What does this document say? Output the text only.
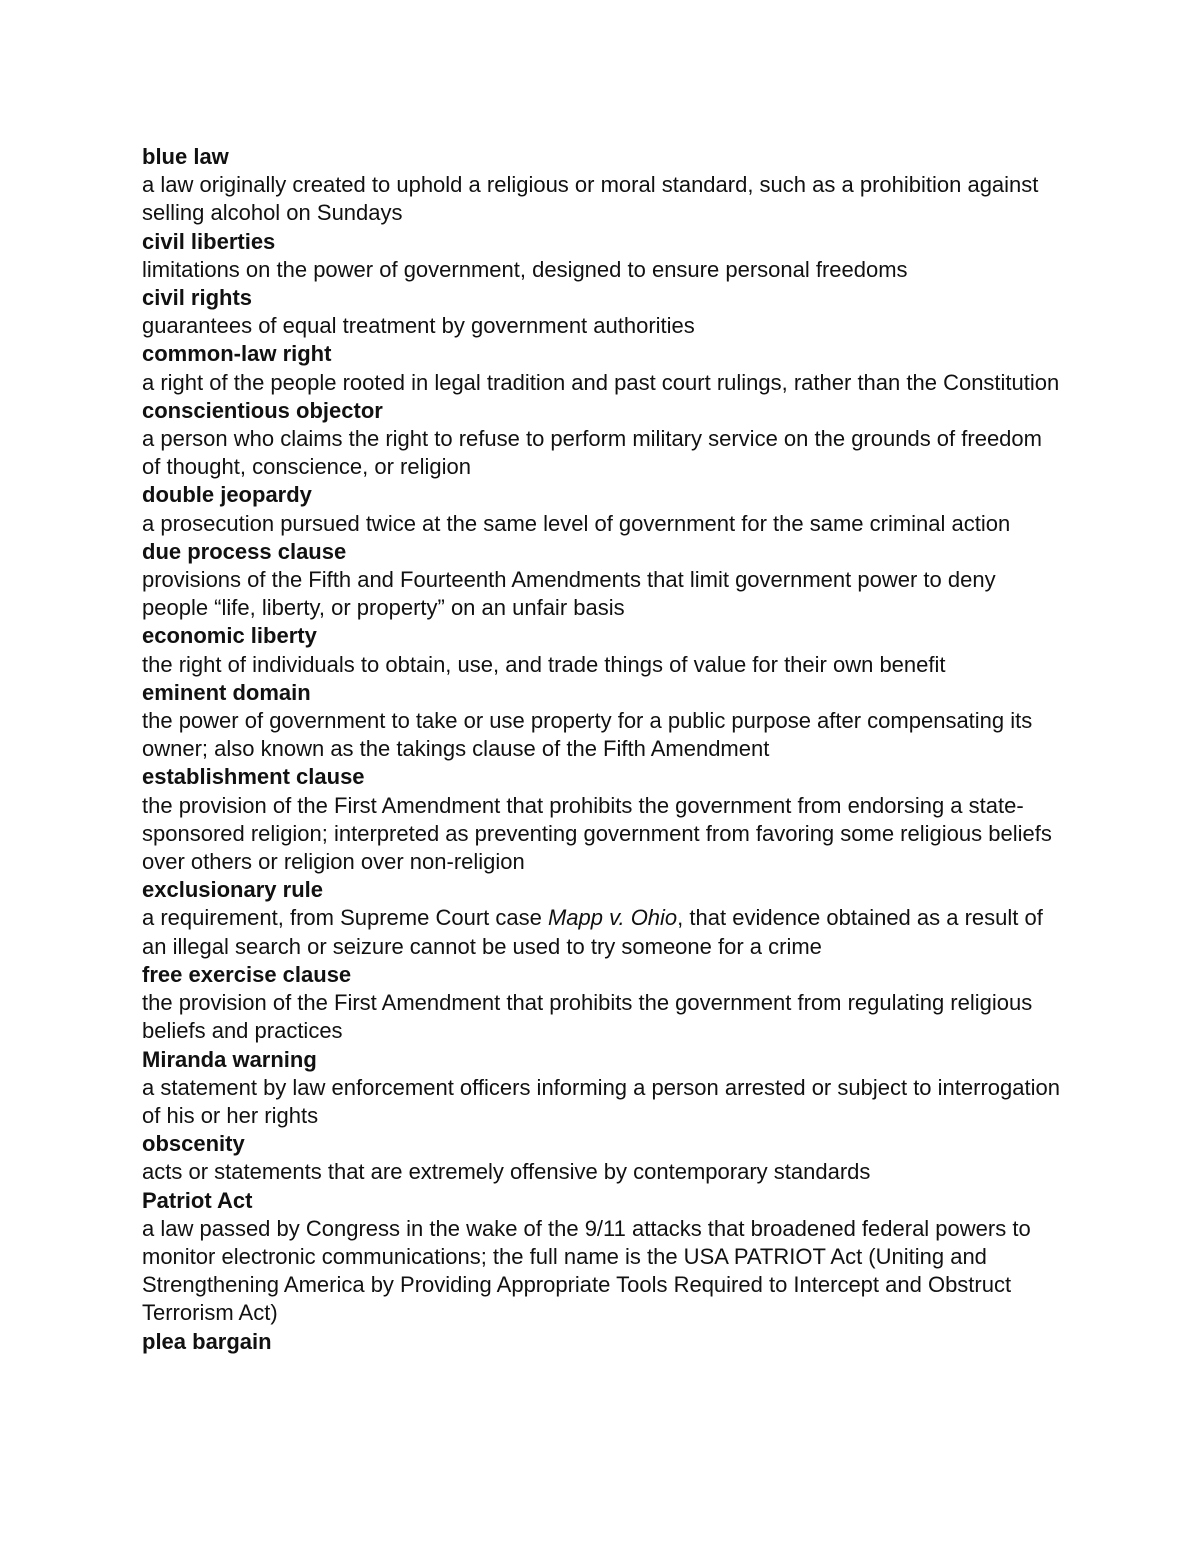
blue law
a law originally created to uphold a religious or moral standard, such as a prohibition against selling alcohol on Sundays
civil liberties
limitations on the power of government, designed to ensure personal freedoms
civil rights
guarantees of equal treatment by government authorities
common-law right
a right of the people rooted in legal tradition and past court rulings, rather than the Constitution
conscientious objector
a person who claims the right to refuse to perform military service on the grounds of freedom of thought, conscience, or religion
double jeopardy
a prosecution pursued twice at the same level of government for the same criminal action
due process clause
provisions of the Fifth and Fourteenth Amendments that limit government power to deny people “life, liberty, or property” on an unfair basis
economic liberty
the right of individuals to obtain, use, and trade things of value for their own benefit
eminent domain
the power of government to take or use property for a public purpose after compensating its owner; also known as the takings clause of the Fifth Amendment
establishment clause
the provision of the First Amendment that prohibits the government from endorsing a state-sponsored religion; interpreted as preventing government from favoring some religious beliefs over others or religion over non-religion
exclusionary rule
a requirement, from Supreme Court case Mapp v. Ohio, that evidence obtained as a result of an illegal search or seizure cannot be used to try someone for a crime
free exercise clause
the provision of the First Amendment that prohibits the government from regulating religious beliefs and practices
Miranda warning
a statement by law enforcement officers informing a person arrested or subject to interrogation of his or her rights
obscenity
acts or statements that are extremely offensive by contemporary standards
Patriot Act
a law passed by Congress in the wake of the 9/11 attacks that broadened federal powers to monitor electronic communications; the full name is the USA PATRIOT Act (Uniting and Strengthening America by Providing Appropriate Tools Required to Intercept and Obstruct Terrorism Act)
plea bargain
